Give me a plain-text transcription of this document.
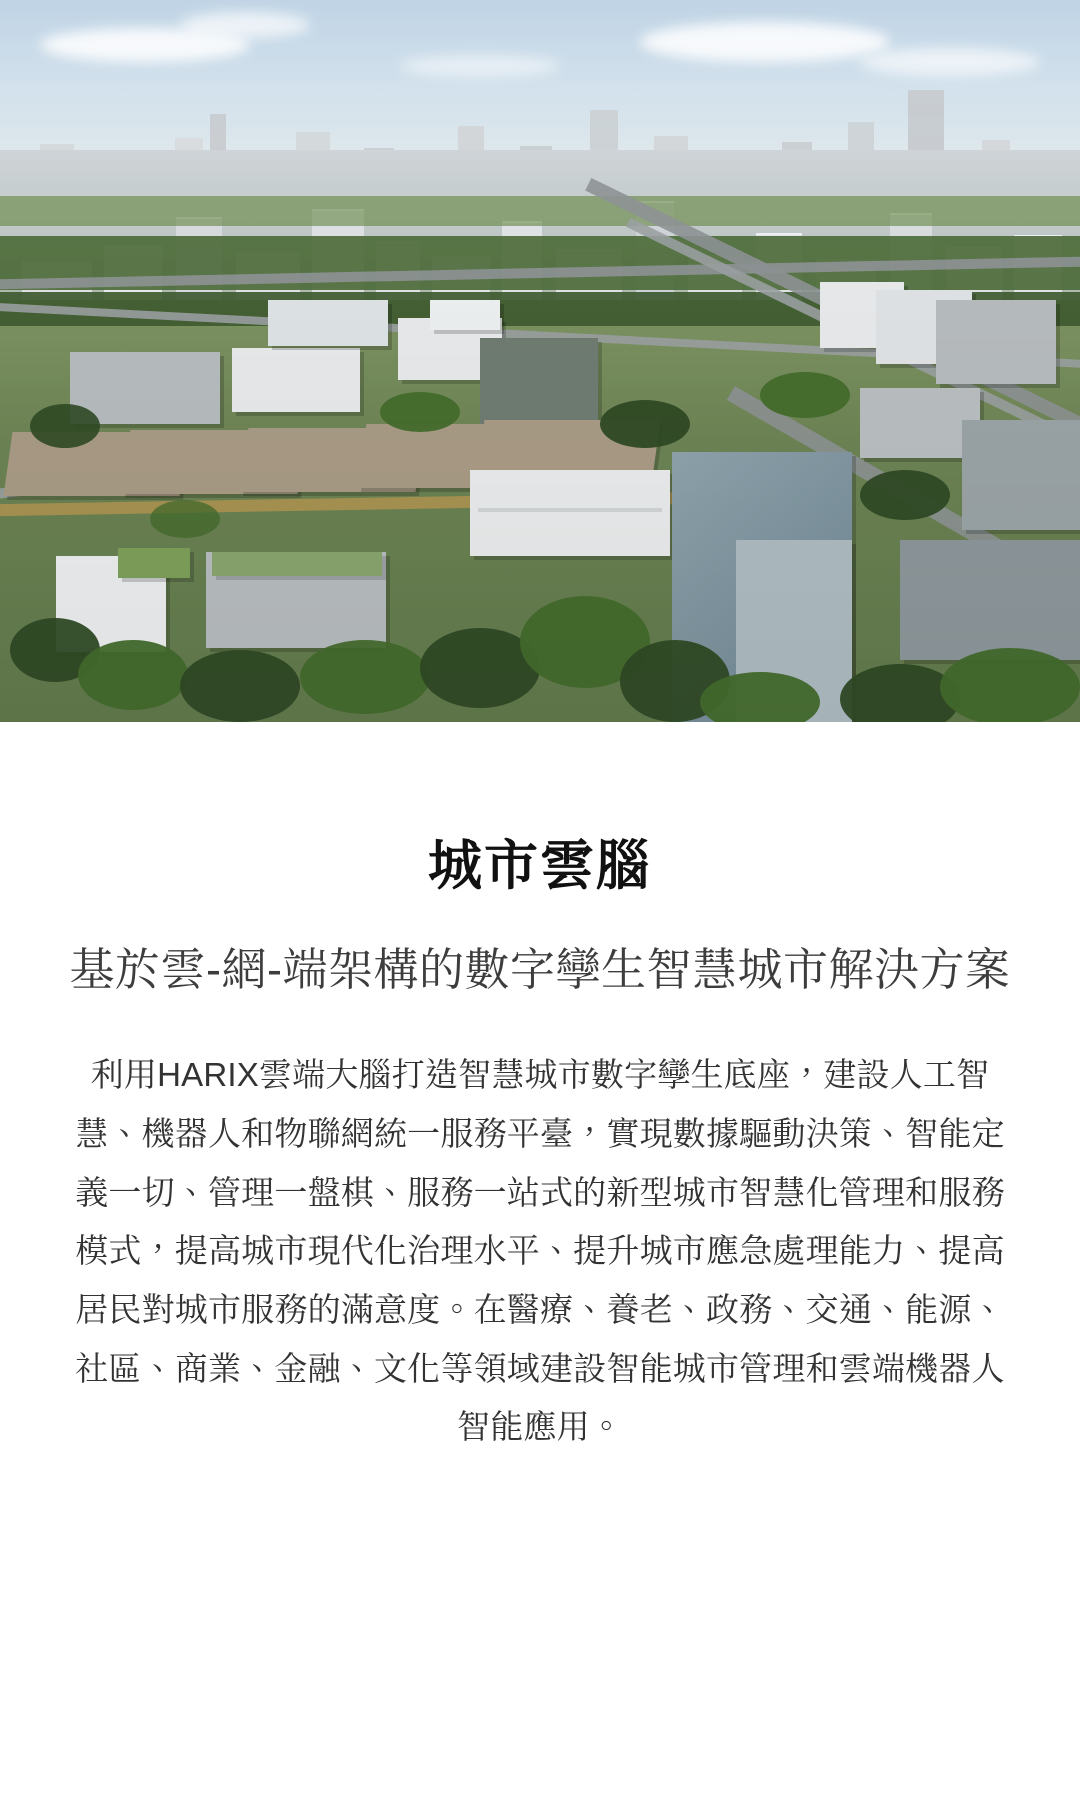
城市雲腦
基於雲-網-端架構的數字孿生智慧城市解決方案

利用HARIX雲端大腦打造智慧城市數字孿生底座，建設人工智慧、機器人和物聯網統一服務平臺，實現數據驅動決策、智能定義一切、管理一盤棋、服務一站式的新型城市智慧化管理和服務模式，提高城市現代化治理水平、提升城市應急處理能力、提高居民對城市服務的滿意度。在醫療、養老、政務、交通、能源、社區、商業、金融、文化等領域建設智能城市管理和雲端機器人智能應用。
